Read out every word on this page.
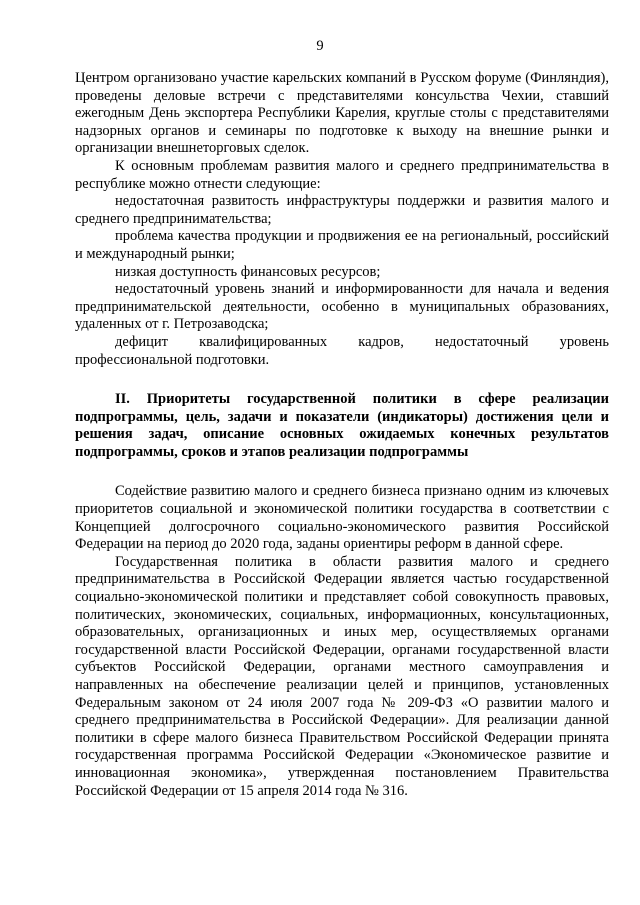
9

Центром организовано участие карельских компаний в Русском форуме (Финляндия), проведены деловые встречи с представителями консульства Чехии, ставший ежегодным День экспортера Республики Карелия, круглые столы с представителями надзорных органов и семинары по подготовке к выходу на внешние рынки и организации внешнеторговых сделок.

К основным проблемам развития малого и среднего предпринимательства в республике можно отнести следующие:

недостаточная развитость инфраструктуры поддержки и развития малого и среднего предпринимательства;

проблема качества продукции и продвижения ее на региональный, российский и международный рынки;

низкая доступность финансовых ресурсов;

недостаточный уровень знаний и информированности для начала и ведения предпринимательской деятельности, особенно в муниципальных образованиях, удаленных от г. Петрозаводска;

дефицит квалифицированных кадров, недостаточный уровень профессиональной подготовки.

II. Приоритеты государственной политики в сфере реализации подпрограммы, цель, задачи и показатели (индикаторы) достижения цели и решения задач, описание основных ожидаемых конечных результатов подпрограммы, сроков и этапов реализации подпрограммы

Содействие развитию малого и среднего бизнеса признано одним из ключевых приоритетов социальной и экономической политики государства в соответствии с Концепцией долгосрочного социально-экономического развития Российской Федерации на период до 2020 года, заданы ориентиры реформ в данной сфере.

Государственная политика в области развития малого и среднего предпринимательства в Российской Федерации является частью государственной социально-экономической политики и представляет собой совокупность правовых, политических, экономических, социальных, информационных, консультационных, образовательных, организационных и иных мер, осуществляемых органами государственной власти Российской Федерации, органами государственной власти субъектов Российской Федерации, органами местного самоуправления и направленных на обеспечение реализации целей и принципов, установленных Федеральным законом от 24 июля 2007 года № 209-ФЗ «О развитии малого и среднего предпринимательства в Российской Федерации». Для реализации данной политики в сфере малого бизнеса Правительством Российской Федерации принята государственная программа Российской Федерации «Экономическое развитие и инновационная экономика», утвержденная постановлением Правительства Российской Федерации от 15 апреля 2014 года № 316.
